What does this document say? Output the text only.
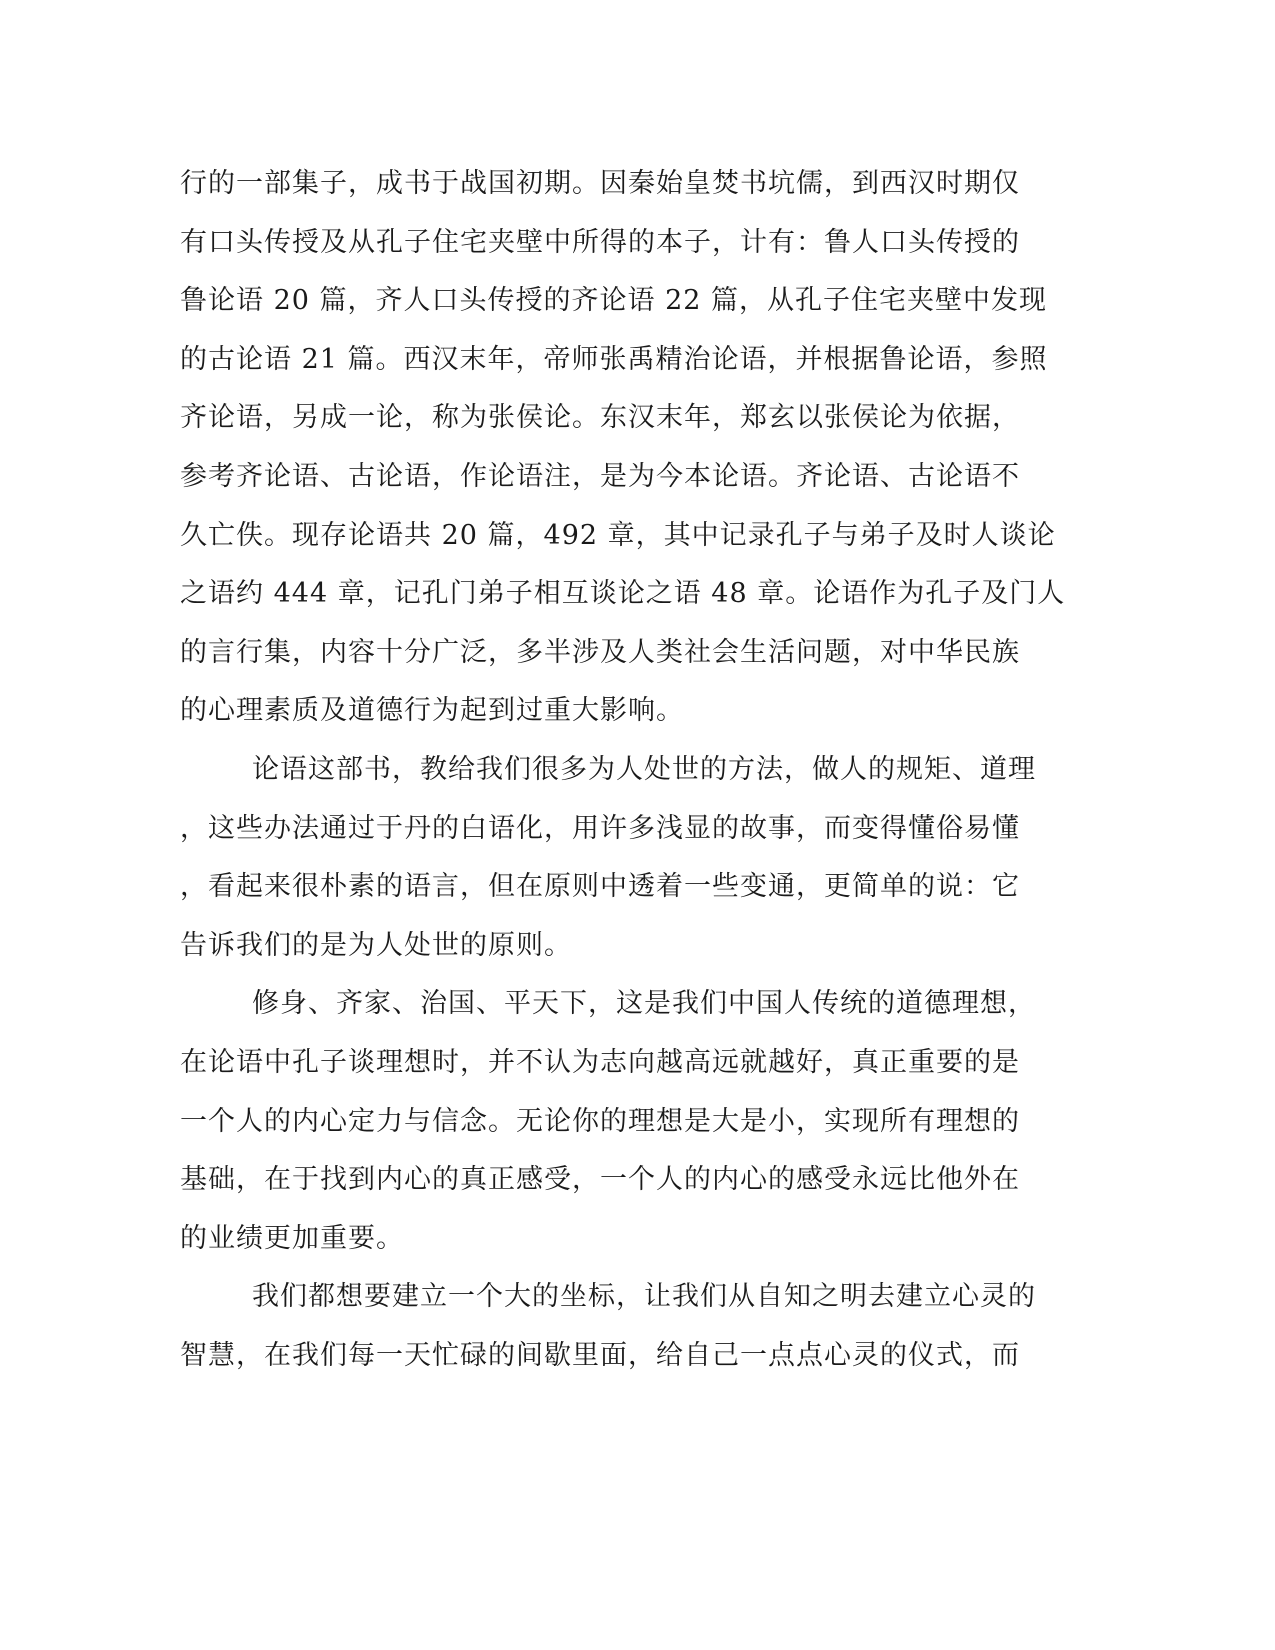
行的一部集子，成书于战国初期。因秦始皇焚书坑儒，到西汉时期仅
有口头传授及从孔子住宅夹壁中所得的本子，计有：鲁人口头传授的
鲁论语 20 篇，齐人口头传授的齐论语 22 篇，从孔子住宅夹壁中发现
的古论语 21 篇。西汉末年，帝师张禹精治论语，并根据鲁论语，参照
齐论语，另成一论，称为张侯论。东汉末年，郑玄以张侯论为依据，
参考齐论语、古论语，作论语注，是为今本论语。齐论语、古论语不
久亡佚。现存论语共 20 篇，492 章，其中记录孔子与弟子及时人谈论
之语约 444 章，记孔门弟子相互谈论之语 48 章。论语作为孔子及门人
的言行集，内容十分广泛，多半涉及人类社会生活问题，对中华民族
的心理素质及道德行为起到过重大影响。
论语这部书，教给我们很多为人处世的方法，做人的规矩、道理
，这些办法通过于丹的白语化，用许多浅显的故事，而变得懂俗易懂
，看起来很朴素的语言，但在原则中透着一些变通，更简单的说：它
告诉我们的是为人处世的原则。
修身、齐家、治国、平天下，这是我们中国人传统的道德理想，
在论语中孔子谈理想时，并不认为志向越高远就越好，真正重要的是
一个人的内心定力与信念。无论你的理想是大是小，实现所有理想的
基础，在于找到内心的真正感受，一个人的内心的感受永远比他外在
的业绩更加重要。
我们都想要建立一个大的坐标，让我们从自知之明去建立心灵的
智慧，在我们每一天忙碌的间歇里面，给自己一点点心灵的仪式，而
